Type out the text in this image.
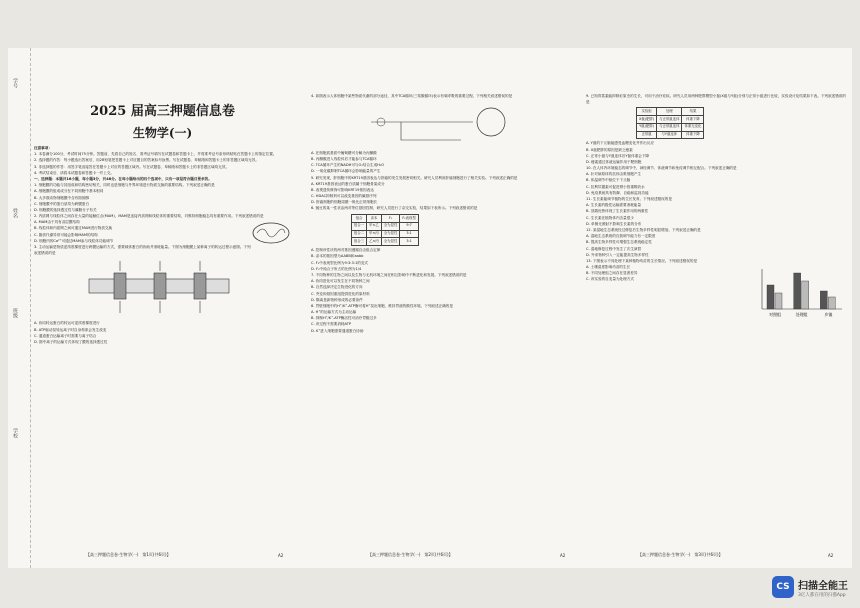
学号
姓名
班级
学校
2025 届高三押题信息卷
生物学(一)

注意事项：

1. 本卷满分100分，考试时间75分钟。答题前，先将自己的姓名、准考证号填写在试题卷和答题卡上，并将准考证号条形码粘贴在答题卡上的指定位置。

2. 选择题的作答：每小题选出答案后，用2B铅笔把答题卡上对应题目的答案标号涂黑。写在试题卷、草稿纸和答题卡上的非答题区域均无效。

3. 非选择题的作答：用签字笔直接答在答题卡上对应的答题区域内。写在试题卷、草稿纸和答题卡上的非答题区域均无效。

4. 考试结束后，请将本试题卷和答题卡一并上交。

一、选择题：本题共16小题，每小题3分，共48分。在每小题给出的四个选项中，只有一项是符合题目要求的。

1. 细胞膜的功能与其组成和结构密切相关，同时也是细胞与外界环境进行物质交换的重要结构。下列叙述正确的是

A. 细胞膜的组成成分在不同细胞中基本相同

B. 大多数动物细胞膜中含有胆固醇

C. 细胞膜中的蛋白质均为跨膜蛋白

D. 细胞膜的选择透过性与磷脂分子有关

2. 内质网与线粒体之间存在大量的接触位点(MAM)，MAM是连接内质网和线粒体的重要结构，对维持细胞稳态具有重要作用。下列叙述错误的是

A. MAM由于具有双层膜结构

B. 线粒体和内质网之间可通过MAM进行物质交换

C. 脂质代谢异常可能会影响MAM的结构

D. 细胞内的Ca²⁺可通过MAM参与线粒体功能调节

3. 主动运输是物质逆浓度梯度进行跨膜运输的方式，需要载体蛋白的协助并消耗能量。下图为细胞膜上某种离子的转运过程示意图。下列叙述错误的是

A. 协同转运蛋白的转运可逆浓度梯度进行

B. ATP驱动泵转运离子时自身构象会发生改变

C. 通道蛋白运输离子时需要与离子结合

D. 图中离子的运输方式体现了膜的选择透过性

4. 如图表示人体细胞中某些物质代谢的部分途径，其中TCA循环(三羧酸循环)表示有氧呼吸的重要过程。下列相关叙述错误的是

A. 在细胞质基质中葡萄糖可分解为丙酮酸

B. 丙酮酸进入线粒体后才能参与TCA循环

C. TCA循环产生的NADH可与O₂结合生成H₂O

D. 一氧化碳抑制TCA循环会影响能量的产生

5. 研究发现，肝细胞中的KRT19基因表达与肝癌的发生发展密切相关。研究人员利用肝癌细胞进行了相关实验。下列叙述正确的是

A. KRT19基因表达的蛋白质属于细胞骨架成分

B. 表观遗传修饰可影响KRT19基因表达

C. HDAC抑制剂可以改变基因的碱基序列

D. 肝癌细胞的细胞周期一般比正常细胞长

6. 豌豆的某一性状由两对等位基因控制，研究人员进行了杂交实验，结果如下表所示。下列叙述错误的是

组合	亲本	F₁	F₂表现型
组合一	甲×乙	全为显性	9:7
组合二	甲×丙	全为显性	3:1
组合三	乙×丙	全为显性	3:1

A. 控制该性状的两对基因遵循自由组合定律

B. 亲本的基因型为AABB和aabb

C. F₂中表现型比例为9:3:3:1的变式

D. F₂中纯合子所占的比例为1/4

7. 不同物种的生物之间以及生物与无机环境之间在相互影响中不断进化和发展。下列叙述错误的是

A. 协同进化可以发生在不同物种之间

B. 自然选择决定生物进化的方向

C. 突变和基因重组提供进化的原材料

D. 隔离是新物种形成的必要条件

8. 胃壁细胞中的H⁺/K⁺-ATP酶可将H⁺泵出细胞，维持胃液的酸性环境。下列叙述正确的是

A. H⁺的运输方式为主动运输

B. 抑制H⁺/K⁺-ATP酶活性可治疗胃酸过多

C. 该过程不需要消耗ATP

D. K⁺进入细胞需要通道蛋白协助

9. 已知青蒿素能抑制疟原虫的生长，可用于治疗疟疾。研究人员用两种肥胖模型小鼠(X鼠与Y鼠)分别与正常小鼠进行比较，实验设计及结果如下表。下列叙述错误的是

实验组	处理	结果
X鼠(肥胖)	与正常鼠连体	体重下降
Y鼠(肥胖)	与正常鼠连体	体重无变化
正常鼠	与Y鼠连体	体重下降

A. Y鼠的下丘脑能感受血糖变化并作出反应

B. X鼠肥胖的原因是缺乏瘦素

C. 正常小鼠与Y鼠连体后Y鼠体重会下降

D. 瘦素通过体液运输作用于靶细胞

10. 在人体内环境稳态的调节中，神经调节、体液调节和免疫调节相互配合。下列叙述正确的是

A. 针对病原体的抗体由浆细胞产生

B. 体温调节中枢位于下丘脑

C. 抗利尿激素可促进肾小管重吸收水

D. 免疫系统具有防御、自稳和监视功能

11. 生长素能调节植物的生长发育。下列叙述错误的是

A. 生长素的极性运输需要消耗能量

B. 顶端优势体现了生长素作用的两重性

C. 生长素在植物体内含量很少

D. 单侧光照射不影响生长素的分布

12. 某湿地生态系统经过修复后生物多样性明显增加。下列叙述正确的是

A. 湿地生态系统的自我调节能力有一定限度

B. 提高生物多样性可增强生态系统稳定性

C. 湿地修复过程中发生了次生演替

D. 外来物种引入一定能提高生物多样性

13. 下图表示不同处理下某种植物幼苗的生长情况。下列叙述错误的是

对照组	处理组	乡镇

A. 土壤湿度影响幼苗的生长

B. 不同处理组之间存在显著差异

C. 该实验的自变量为处理方式

【高三押题信息卷·生物学(一)　第1页(共6页)】	A2	【高三押题信息卷·生物学(一)　第2页(共6页)】	A2	【高三押题信息卷·生物学(一)　第3页(共6页)】	A2
CS 扫描全能王
3亿人都在用的扫描App
